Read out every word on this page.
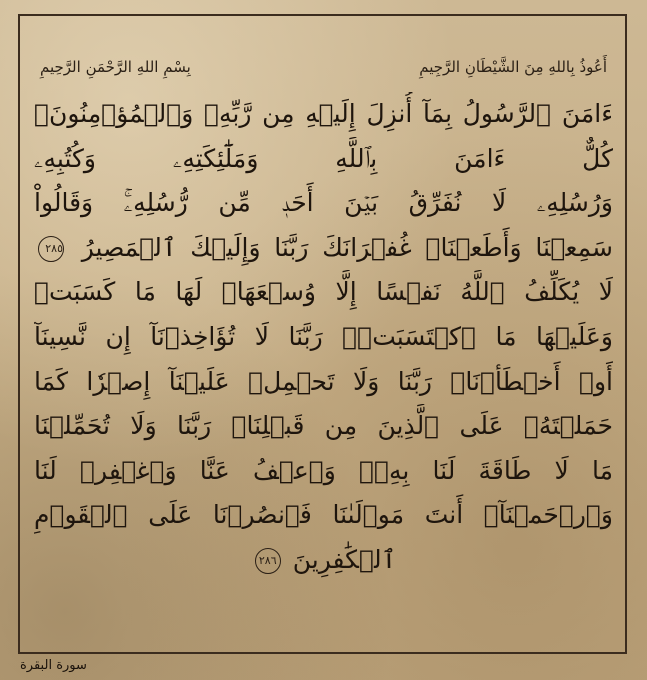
أَعُوذُ بِاللهِ مِنَ الشَّيْطَانِ الرَّجِيمِ
بِسْمِ اللهِ الرَّحْمَنِ الرَّحِيمِ
ءَامَنَ ٱلرَّسُولُ بِمَآ أُنزِلَ إِلَيۡهِ مِن رَّبِّهِۦ وَٱلۡمُؤۡمِنُونَۚ
كُلٌّ ءَامَنَ بِٱللَّهِ وَمَلَٰٓئِكَتِهِۦ وَكُتُبِهِۦ
وَرُسُلِهِۦ لَا نُفَرِّقُ بَيۡنَ أَحَدٖ مِّن رُّسُلِهِۦۚ وَقَالُواْ
سَمِعۡنَا وَأَطَعۡنَاۖ غُفۡرَانَكَ رَبَّنَا وَإِلَيۡكَ ٱلۡمَصِيرُ ٢٨٥
لَا يُكَلِّفُ ٱللَّهُ نَفۡسًا إِلَّا وُسۡعَهَاۚ لَهَا مَا كَسَبَتۡ
وَعَلَيۡهَا مَا ٱكۡتَسَبَتۡۗ رَبَّنَا لَا تُؤَاخِذۡنَآ إِن نَّسِينَآ
أَوۡ أَخۡطَأۡنَاۚ رَبَّنَا وَلَا تَحۡمِلۡ عَلَيۡنَآ إِصۡرٗا كَمَا
حَمَلۡتَهُۥ عَلَى ٱلَّذِينَ مِن قَبۡلِنَاۚ رَبَّنَا وَلَا تُحَمِّلۡنَا
مَا لَا طَاقَةَ لَنَا بِهِۦۖ وَٱعۡفُ عَنَّا وَٱغۡفِرۡ لَنَا
وَٱرۡحَمۡنَآۚ أَنتَ مَوۡلَىٰنَا فَٱنصُرۡنَا عَلَى ٱلۡقَوۡمِ
ٱلۡكَٰفِرِينَ ٢٨٦
سورة البقرة
